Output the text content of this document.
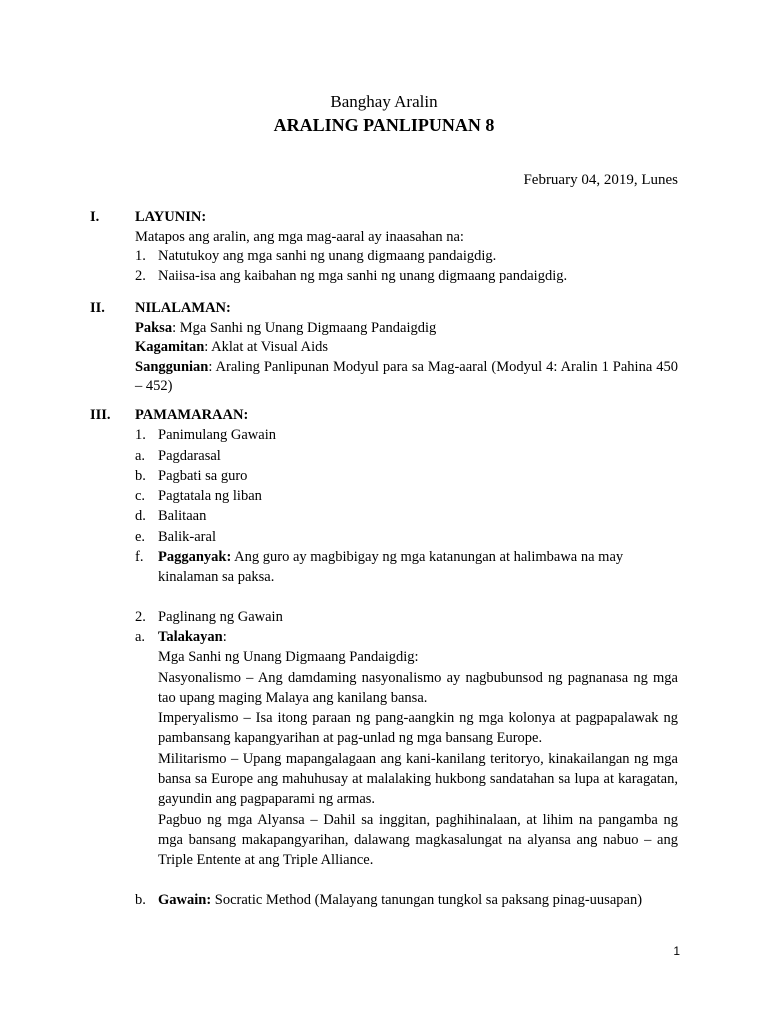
Banghay Aralin
ARALING PANLIPUNAN 8
February 04, 2019, Lunes
I.	LAYUNIN:
Matapos ang aralin, ang mga mag-aaral ay inaasahan na:
1. Natutukoy ang mga sanhi ng unang digmaang pandaigdig.
2. Naiisa-isa ang kaibahan ng mga sanhi ng unang digmaang pandaigdig.
II.	NILALAMAN:
Paksa: Mga Sanhi ng Unang Digmaang Pandaigdig
Kagamitan: Aklat at Visual Aids
Sanggunian: Araling Panlipunan Modyul para sa Mag-aaral (Modyul 4: Aralin 1 Pahina 450 – 452)
III.	PAMAMARAAN:
1. Panimulang Gawain
a. Pagdarasal
b. Pagbati sa guro
c. Pagtatala ng liban
d. Balitaan
e. Balik-aral
f. Pagganyak: Ang guro ay magbibigay ng mga katanungan at halimbawa na may kinalaman sa paksa.
2. Paglinang ng Gawain
a. Talakayan:
Mga Sanhi ng Unang Digmaang Pandaigdig:
Nasyonalismo – Ang damdaming nasyonalismo ay nagbubunsod ng pagnanasa ng mga tao upang maging Malaya ang kanilang bansa.
Imperyalismo – Isa itong paraan ng pang-aangkin ng mga kolonya at pagpapalawak ng pambansang kapangyarihan at pag-unlad ng mga bansang Europe.
Militarismo – Upang mapangalagaan ang kani-kanilang teritoryo, kinakailangan ng mga bansa sa Europe ang mahuhusay at malalaking hukbong sandatahan sa lupa at karagatan, gayundin ang pagpaparami ng armas.
Pagbuo ng mga Alyansa – Dahil sa inggitan, paghihinalaan, at lihim na pangamba ng mga bansang makapangyarihan, dalawang magkasalungat na alyansa ang nabuo – ang Triple Entente at ang Triple Alliance.
b. Gawain: Socratic Method (Malayang tanungan tungkol sa paksang pinag-uusapan)
1
